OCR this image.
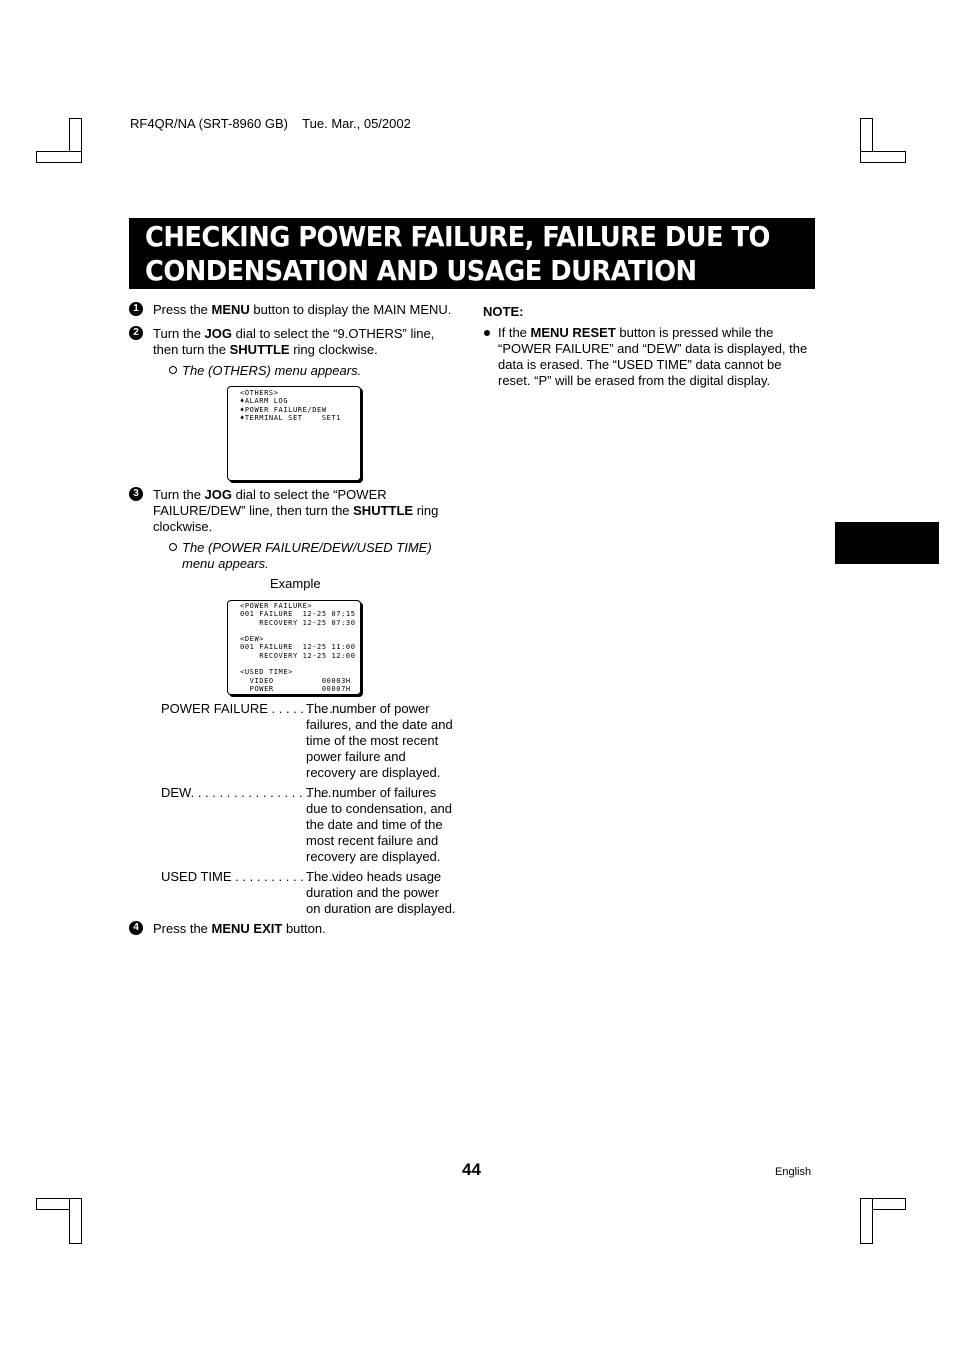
RF4QR/NA (SRT-8960 GB)    Tue. Mar., 05/2002
CHECKING POWER FAILURE, FAILURE DUE TO
CONDENSATION AND USAGE DURATION
1	Press the MENU button to display the MAIN MENU.
2	Turn the JOG dial to select the “9.OTHERS” line, then turn the SHUTTLE ring clockwise.
The (OTHERS) menu appears.
<OTHERS>
♦ALARM LOG
♦POWER FAILURE/DEW
♦TERMINAL SET    SET1
3	Turn the JOG dial to select the “POWER FAILURE/DEW” line, then turn the SHUTTLE ring clockwise.
The (POWER FAILURE/DEW/USED TIME) menu appears.
Example
<POWER FAILURE>
001 FAILURE  12-25 07:15
RECOVERY 12-25 07:30

<DEW>
001 FAILURE  12-25 11:00
RECOVERY 12-25 12:00

<USED TIME>
VIDEO          00003H
POWER          00007H
POWER FAILURE . . . . . . . . . .
The number of power failures, and the date and time of the most recent power failure and recovery are displayed.
DEW. . . . . . . . . . . . . . . . . . . . .
The number of failures due to condensation, and the date and time of the most recent failure and recovery are displayed.
USED TIME . . . . . . . . . . . . . . .
The video heads usage duration and the power on duration are displayed.
4	Press the MENU EXIT button.
NOTE:
If the MENU RESET button is pressed while the “POWER FAILURE” and “DEW” data is displayed, the data is erased. The “USED TIME” data cannot be reset. “P” will be erased from the digital display.
44	English
